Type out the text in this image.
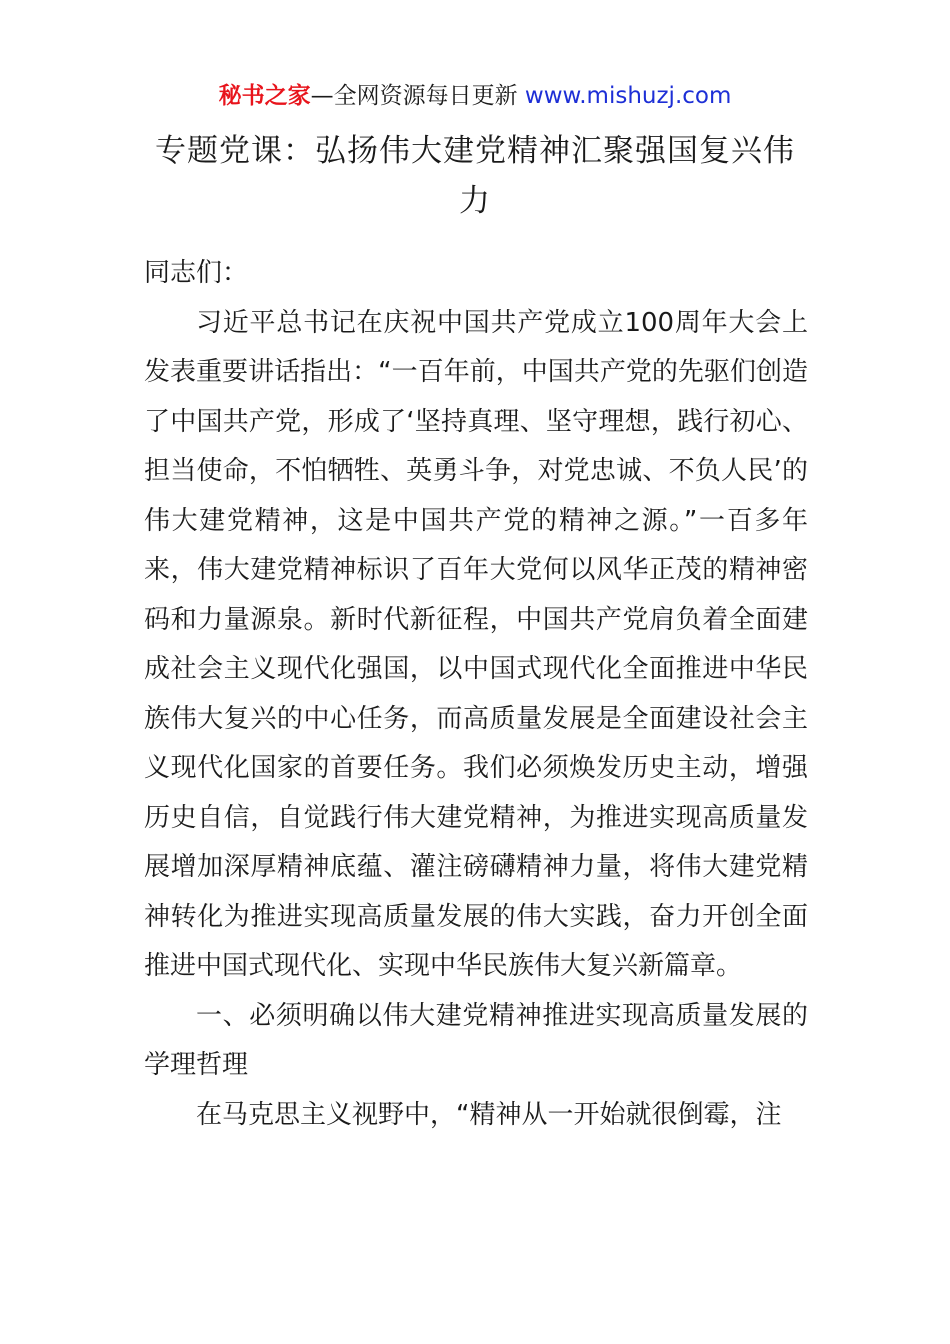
秘书之家—全网资源每日更新 www.mishuzj.com
专题党课：弘扬伟大建党精神汇聚强国复兴伟力

同志们：

习近平总书记在庆祝中国共产党成立100周年大会上发表重要讲话指出：“一百年前，中国共产党的先驱们创造了中国共产党，形成了‘坚持真理、坚守理想，践行初心、担当使命，不怕牺牲、英勇斗争，对党忠诚、不负人民’的伟大建党精神，这是中国共产党的精神之源。”一百多年来，伟大建党精神标识了百年大党何以风华正茂的精神密码和力量源泉。新时代新征程，中国共产党肩负着全面建成社会主义现代化强国，以中国式现代化全面推进中华民族伟大复兴的中心任务，而高质量发展是全面建设社会主义现代化国家的首要任务。我们必须焕发历史主动，增强历史自信，自觉践行伟大建党精神，为推进实现高质量发展增加深厚精神底蕴、灌注磅礴精神力量，将伟大建党精神转化为推进实现高质量发展的伟大实践，奋力开创全面推进中国式现代化、实现中华民族伟大复兴新篇章。

一、必须明确以伟大建党精神推进实现高质量发展的学理哲理

在马克思主义视野中，“精神从一开始就很倒霉，注
